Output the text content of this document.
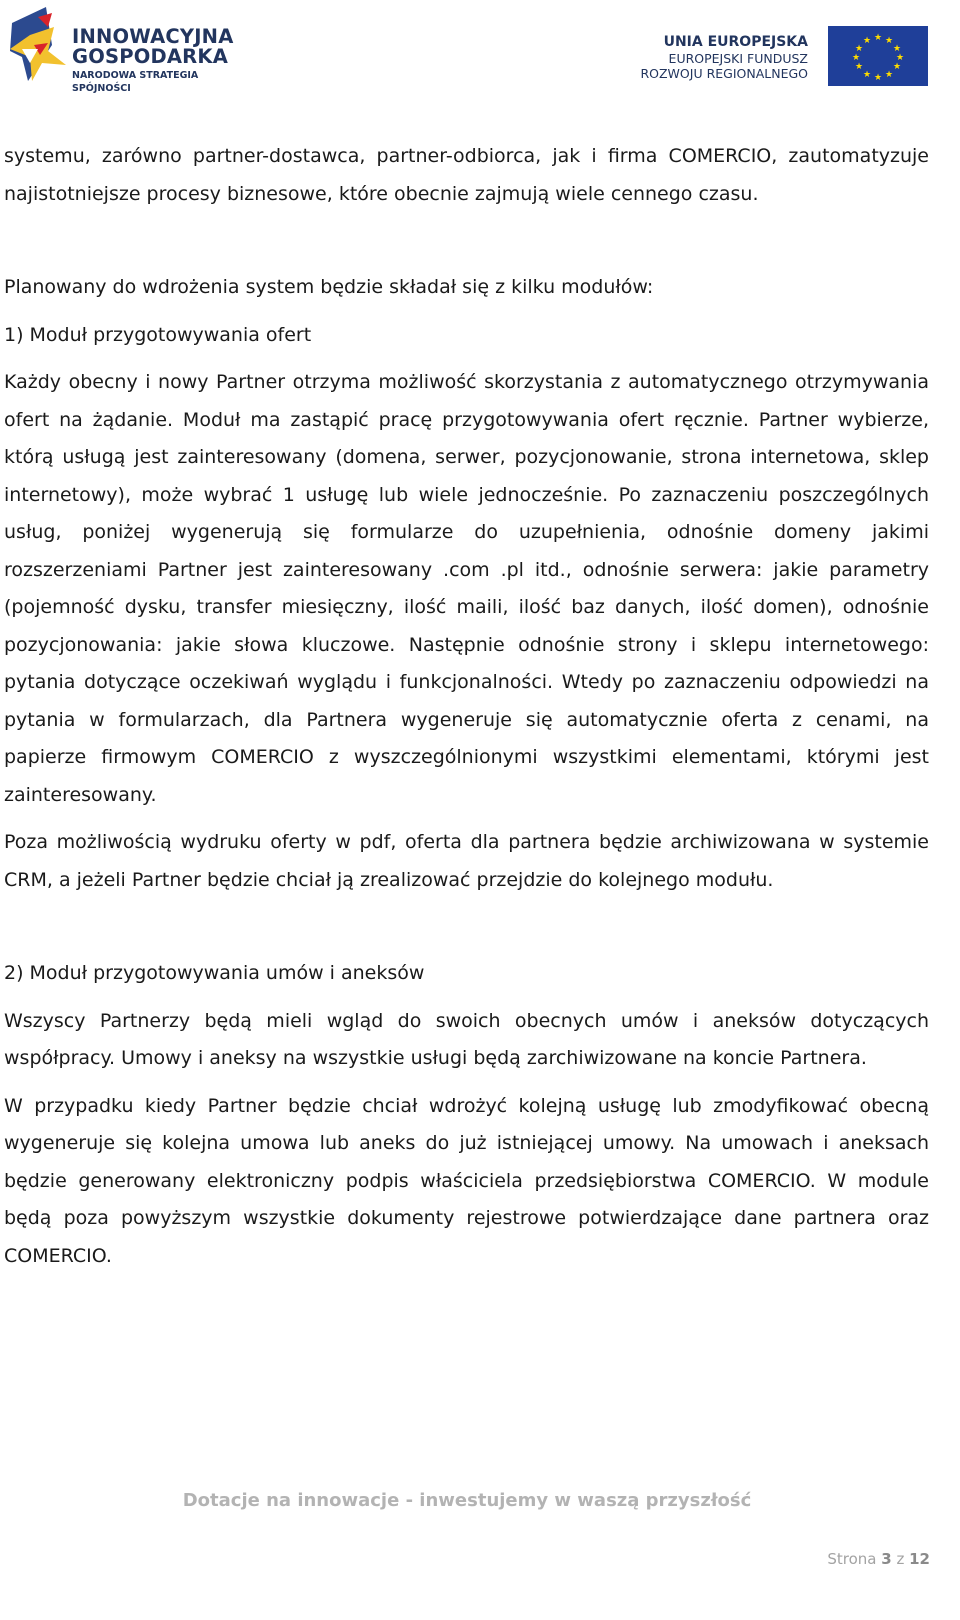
INNOWACYJNA
GOSPODARKA
NARODOWA STRATEGIA SPÓJNOŚCI
UNIA EUROPEJSKA
EUROPEJSKI FUNDUSZ
ROZWOJU REGIONALNEGO
★ ★
★
★
★
★
★
★
★
★
★
★

systemu, zarówno partner-dostawca, partner-odbiorca, jak i firma COMERCIO, zautomatyzuje najistotniejsze procesy biznesowe, które obecnie zajmują wiele cennego czasu.

Planowany do wdrożenia system będzie składał się z kilku modułów:

1) Moduł przygotowywania ofert

Każdy obecny i nowy Partner otrzyma możliwość skorzystania z automatycznego otrzymywania ofert na żądanie. Moduł ma zastąpić pracę przygotowywania ofert ręcznie. Partner wybierze, którą usługą jest zainteresowany (domena, serwer, pozycjonowanie, strona internetowa, sklep internetowy), może wybrać 1 usługę lub wiele jednocześnie. Po zaznaczeniu poszczególnych usług, poniżej wygenerują się formularze do uzupełnienia, odnośnie domeny jakimi rozszerzeniami Partner jest zainteresowany .com .pl itd., odnośnie serwera: jakie parametry (pojemność dysku, transfer miesięczny, ilość maili, ilość baz danych, ilość domen), odnośnie pozycjonowania: jakie słowa kluczowe. Następnie odnośnie strony i sklepu internetowego: pytania dotyczące oczekiwań wyglądu i funkcjonalności. Wtedy po zaznaczeniu odpowiedzi na pytania w formularzach, dla Partnera wygeneruje się automatycznie oferta z cenami, na papierze firmowym COMERCIO z wyszczególnionymi wszystkimi elementami, którymi jest zainteresowany.

Poza możliwością wydruku oferty w pdf, oferta dla partnera będzie archiwizowana w systemie CRM, a jeżeli Partner będzie chciał ją zrealizować przejdzie do kolejnego modułu.

2) Moduł przygotowywania umów i aneksów

Wszyscy Partnerzy będą mieli wgląd do swoich obecnych umów i aneksów dotyczących współpracy. Umowy i aneksy na wszystkie usługi będą zarchiwizowane na koncie Partnera.

W przypadku kiedy Partner będzie chciał wdrożyć kolejną usługę lub zmodyfikować obecną wygeneruje się kolejna umowa lub aneks do już istniejącej umowy. Na umowach i aneksach będzie generowany elektroniczny podpis właściciela przedsiębiorstwa COMERCIO. W module będą poza powyższym wszystkie dokumenty rejestrowe potwierdzające dane partnera oraz COMERCIO.

Dotacje na innowacje - inwestujemy w waszą przyszłość
Strona 3 z 12
